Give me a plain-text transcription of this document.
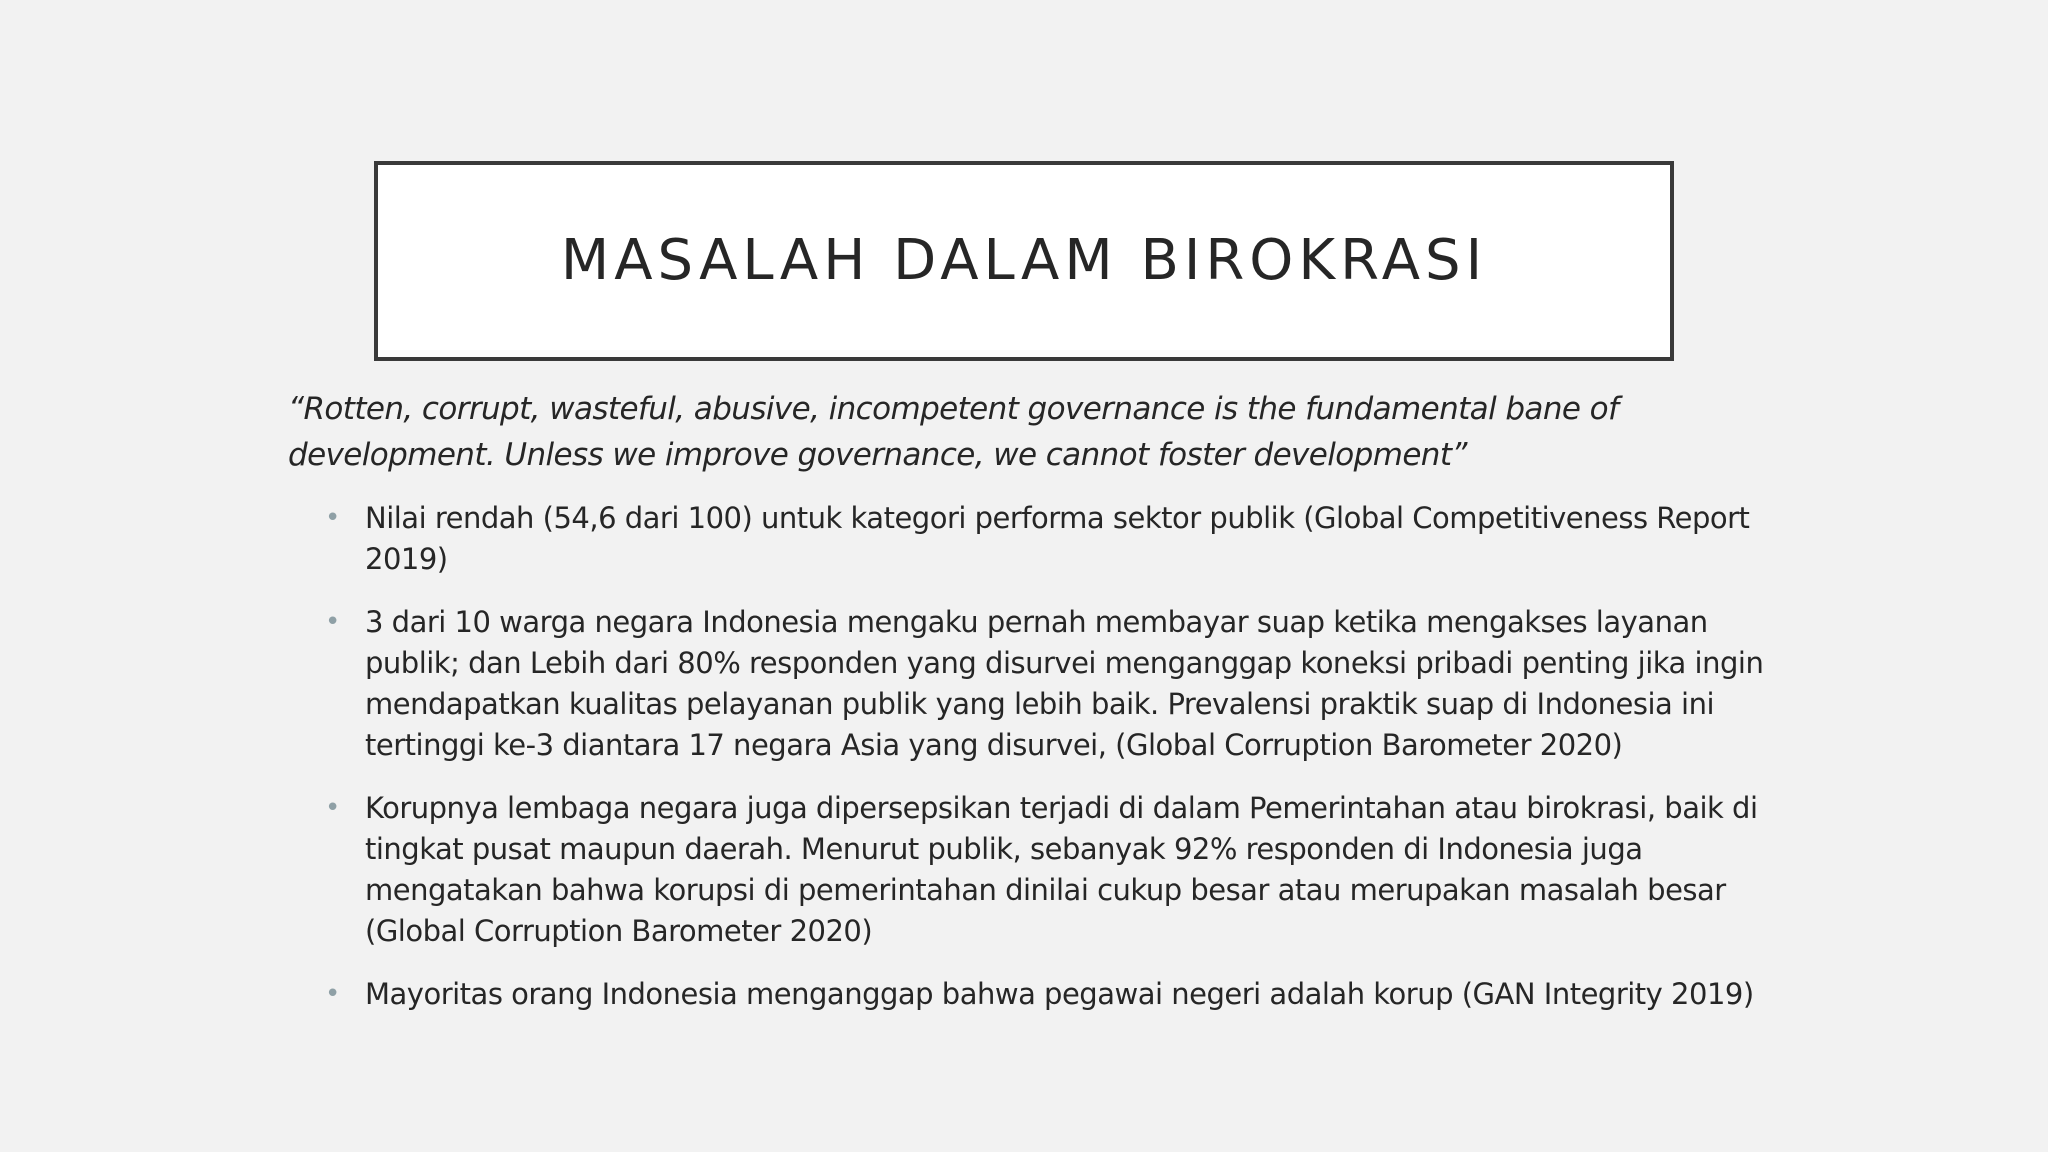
MASALAH DALAM BIROKRASI

“Rotten, corrupt, wasteful, abusive, incompetent governance is the fundamental bane of development. Unless we improve governance, we cannot foster development”

• Nilai rendah (54,6 dari 100) untuk kategori performa sektor publik (Global Competitiveness Report 2019)
• 3 dari 10 warga negara Indonesia mengaku pernah membayar suap ketika mengakses layanan publik; dan Lebih dari 80% responden yang disurvei menganggap koneksi pribadi penting jika ingin mendapatkan kualitas pelayanan publik yang lebih baik. Prevalensi praktik suap di Indonesia ini tertinggi ke-3 diantara 17 negara Asia yang disurvei, (Global Corruption Barometer 2020)
• Korupnya lembaga negara juga dipersepsikan terjadi di dalam Pemerintahan atau birokrasi, baik di tingkat pusat maupun daerah. Menurut publik, sebanyak 92% responden di Indonesia juga mengatakan bahwa korupsi di pemerintahan dinilai cukup besar atau merupakan masalah besar (Global Corruption Barometer 2020)
• Mayoritas orang Indonesia menganggap bahwa pegawai negeri adalah korup (GAN Integrity 2019)
